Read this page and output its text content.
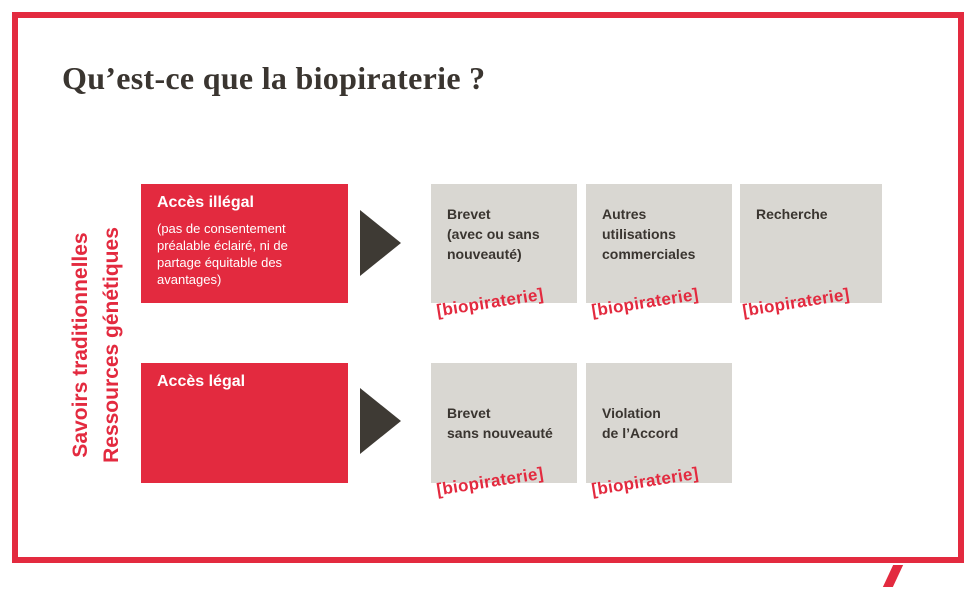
Qu’est-ce que la biopiraterie ?
Savoirs traditionnelles Ressources génétiques
Accès illégal
(pas de consentement préalable éclairé, ni de partage équitable des avantages)
Accès légal
Brevet
(avec ou sans
nouveauté)
Autres
utilisations
commerciales
Recherche
Brevet
sans nouveauté
Violation
de l’Accord
[biopiraterie]	[biopiraterie] [biopiraterie]
[biopiraterie]	[biopiraterie]
